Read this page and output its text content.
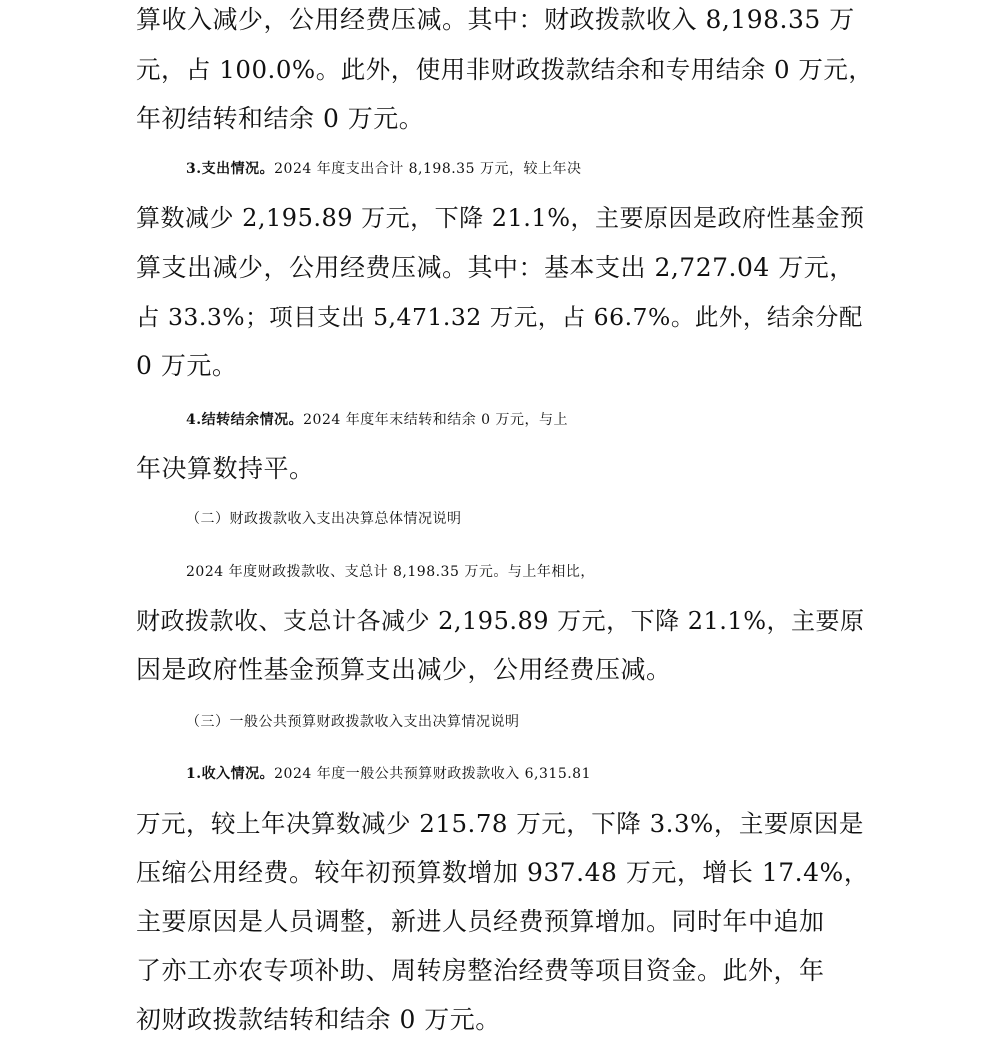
算收入减少，公用经费压减。其中：财政拨款收入 8,198.35 万
元，占 100.0%。此外，使用非财政拨款结余和专用结余 0 万元，
年初结转和结余 0 万元。
3.支出情况。2024 年度支出合计 8,198.35 万元，较上年决
算数减少 2,195.89 万元，下降 21.1%，主要原因是政府性基金预
算支出减少，公用经费压减。其中：基本支出 2,727.04 万元，
占 33.3%；项目支出 5,471.32 万元，占 66.7%。此外，结余分配
0 万元。
4.结转结余情况。2024 年度年末结转和结余 0 万元，与上
年决算数持平。
（二）财政拨款收入支出决算总体情况说明
2024 年度财政拨款收、支总计 8,198.35 万元。与上年相比，
财政拨款收、支总计各减少 2,195.89 万元，下降 21.1%，主要原
因是政府性基金预算支出减少，公用经费压减。
（三）一般公共预算财政拨款收入支出决算情况说明
1.收入情况。2024 年度一般公共预算财政拨款收入 6,315.81
万元，较上年决算数减少 215.78 万元，下降 3.3%，主要原因是
压缩公用经费。较年初预算数增加 937.48 万元，增长 17.4%，
主要原因是人员调整，新进人员经费预算增加。同时年中追加
了亦工亦农专项补助、周转房整治经费等项目资金。此外，年
初财政拨款结转和结余 0 万元。
